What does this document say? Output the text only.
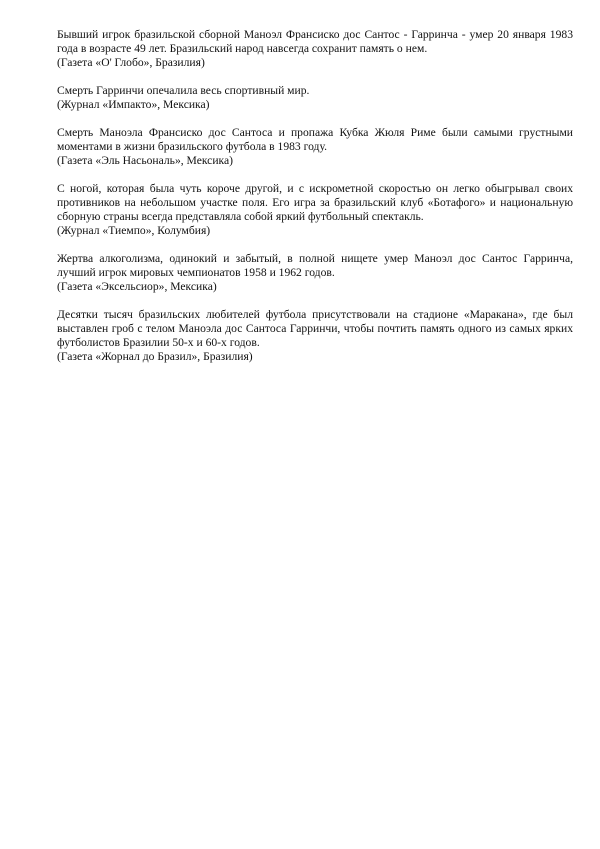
Бывший игрок бразильской сборной Маноэл Франсиско дос Сантос - Гарринча - умер 20 января 1983 года в возрасте 49 лет. Бразильский народ навсегда сохранит память о нем.
(Газета «О' Глобо», Бразилия)
Смерть Гарринчи опечалила весь спортивный мир.
(Журнал «Импакто», Мексика)
Смерть Маноэла Франсиско дос Сантоса и пропажа Кубка Жюля Риме были самыми грустными моментами в жизни бразильского футбола в 1983 году.
(Газета «Эль Насьональ», Мексика)
С ногой, которая была чуть короче другой, и с искрометной скоростью он легко обыгрывал своих противников на небольшом участке поля. Его игра за бразильский клуб «Ботафого» и национальную сборную страны всегда представляла собой яркий футбольный спектакль.
(Журнал «Тиемпо», Колумбия)
Жертва алкоголизма, одинокий и забытый, в полной нищете умер Маноэл дос Сантос Гарринча, лучший игрок мировых чемпионатов 1958 и 1962 годов.
(Газета «Эксельсиор», Мексика)
Десятки тысяч бразильских любителей футбола присутствовали на стадионе «Маракана», где был выставлен гроб с телом Маноэла дос Сантоса Гарринчи, чтобы почтить память одного из самых ярких футболистов Бразилии 50-х и 60-х годов.
(Газета «Жорнал до Бразил», Бразилия)
